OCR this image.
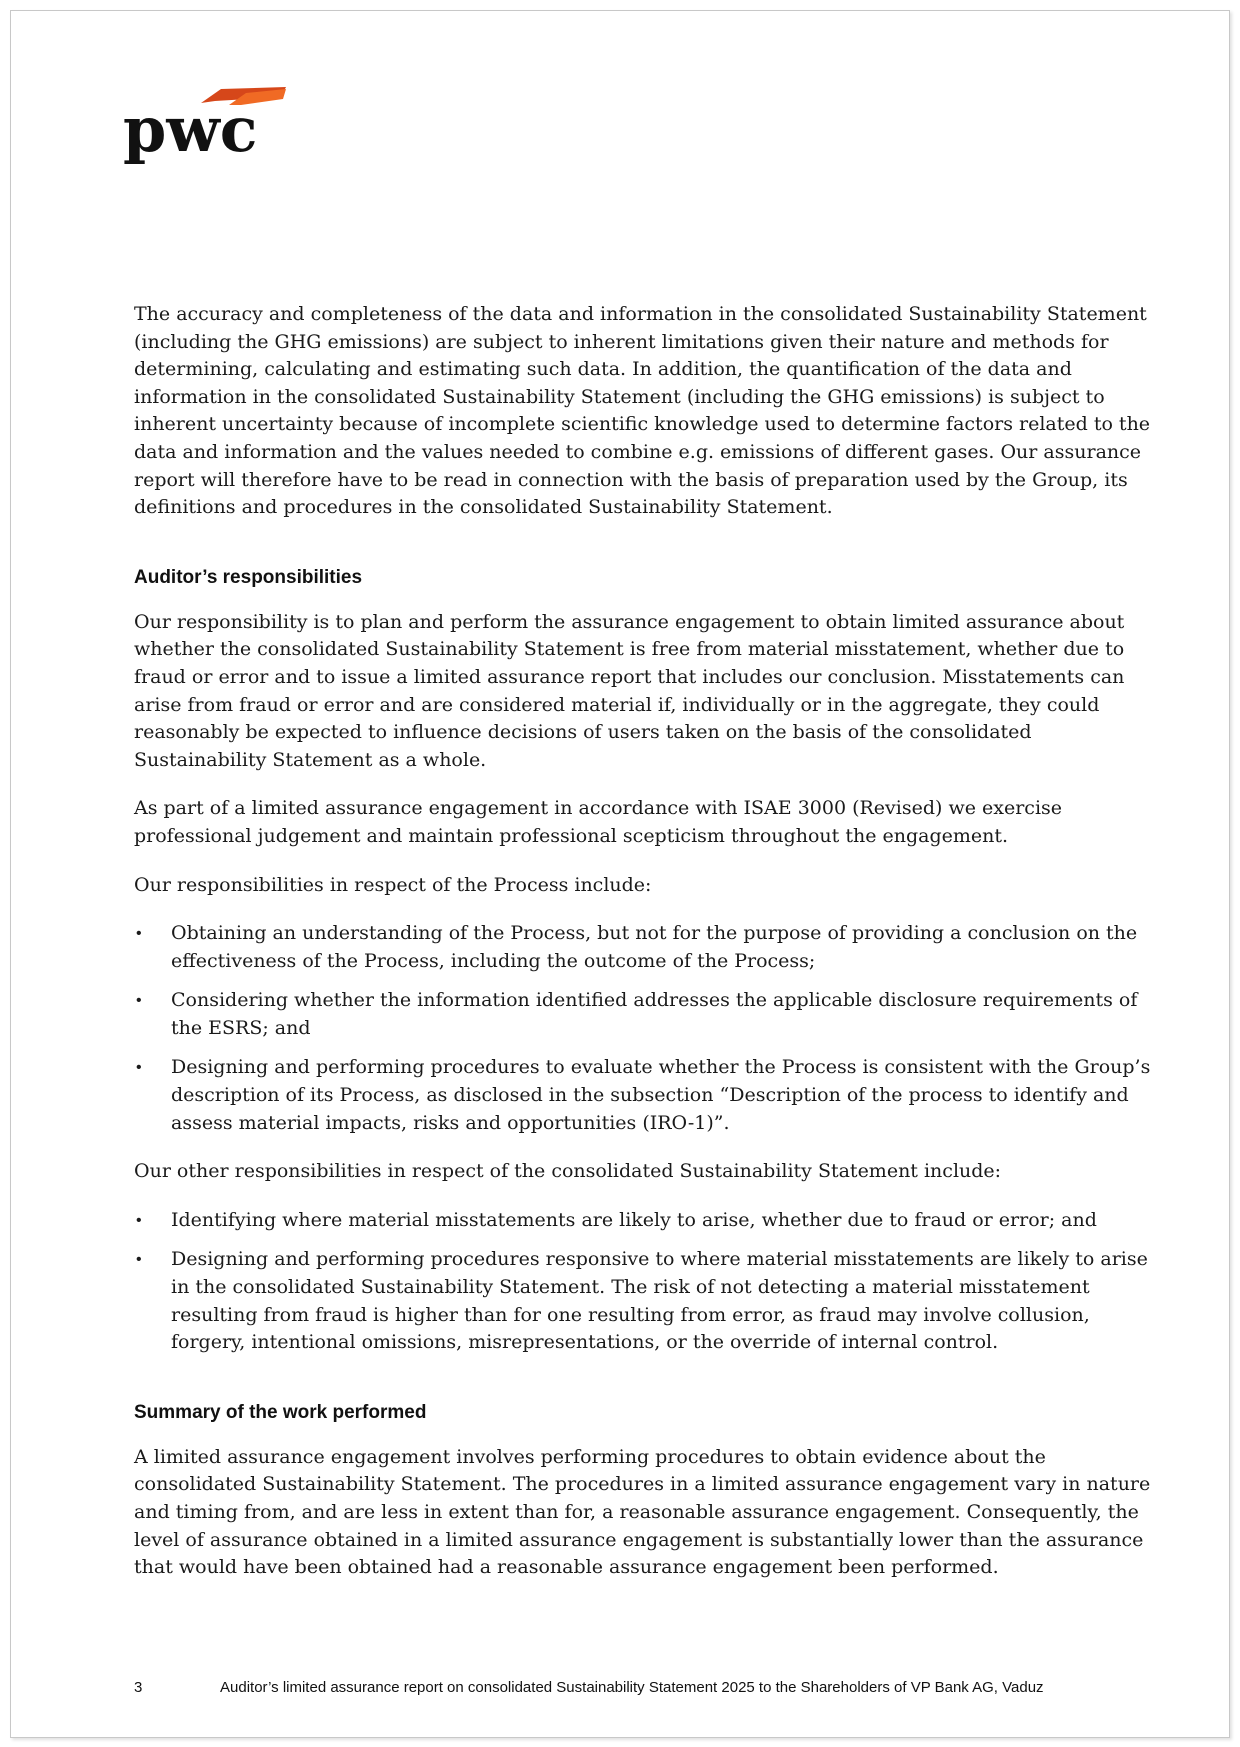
pwc

The accuracy and completeness of the data and information in the consolidated Sustainability Statement (including the GHG emissions) are subject to inherent limitations given their nature and methods for determining, calculating and estimating such data. In addition, the quantification of the data and information in the consolidated Sustainability Statement (including the GHG emissions) is subject to inherent uncertainty because of incomplete scientific knowledge used to determine factors related to the data and information and the values needed to combine e.g. emissions of different gases. Our assurance report will therefore have to be read in connection with the basis of preparation used by the Group, its definitions and procedures in the consolidated Sustainability Statement.

Auditor’s responsibilities

Our responsibility is to plan and perform the assurance engagement to obtain limited assurance about whether the consolidated Sustainability Statement is free from material misstatement, whether due to fraud or error and to issue a limited assurance report that includes our conclusion. Misstatements can arise from fraud or error and are considered material if, individually or in the aggregate, they could reasonably be expected to influence decisions of users taken on the basis of the consolidated Sustainability Statement as a whole.

As part of a limited assurance engagement in accordance with ISAE 3000 (Revised) we exercise professional judgement and maintain professional scepticism throughout the engagement.

Our responsibilities in respect of the Process include:

• Obtaining an understanding of the Process, but not for the purpose of providing a conclusion on the effectiveness of the Process, including the outcome of the Process;
• Considering whether the information identified addresses the applicable disclosure requirements of the ESRS; and
• Designing and performing procedures to evaluate whether the Process is consistent with the Group’s description of its Process, as disclosed in the subsection “Description of the process to identify and assess material impacts, risks and opportunities (IRO-1)”.

Our other responsibilities in respect of the consolidated Sustainability Statement include:

• Identifying where material misstatements are likely to arise, whether due to fraud or error; and
• Designing and performing procedures responsive to where material misstatements are likely to arise in the consolidated Sustainability Statement. The risk of not detecting a material misstatement resulting from fraud is higher than for one resulting from error, as fraud may involve collusion, forgery, intentional omissions, misrepresentations, or the override of internal control.
Summary of the work performed

A limited assurance engagement involves performing procedures to obtain evidence about the consolidated Sustainability Statement. The procedures in a limited assurance engagement vary in nature and timing from, and are less in extent than for, a reasonable assurance engagement. Consequently, the level of assurance obtained in a limited assurance engagement is substantially lower than the assurance that would have been obtained had a reasonable assurance engagement been performed.

3	Auditor’s limited assurance report on consolidated Sustainability Statement 2025 to the Shareholders of VP Bank AG, Vaduz
